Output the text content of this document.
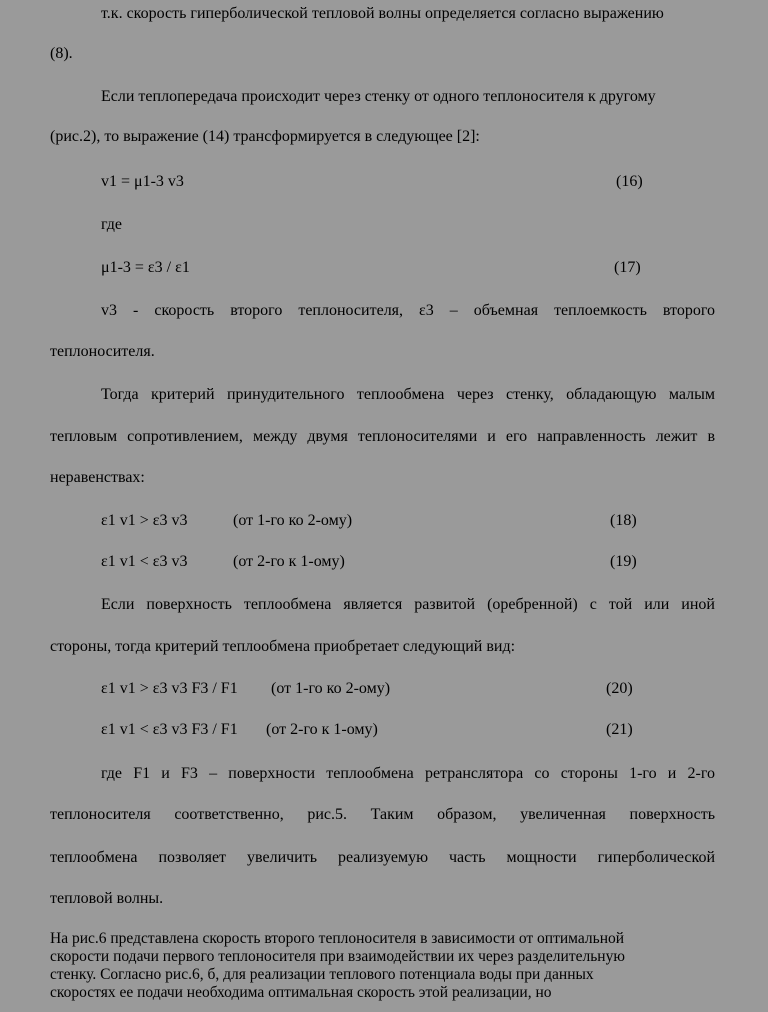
т.к. скорость гиперболической тепловой волны определяется согласно выражению
(8).
Если теплопередача происходит через стенку от одного теплоносителя к другому
(рис.2), то выражение (14) трансформируется в следующее [2]:
v1 = μ1-3 v3	(16)
где
μ1-3 = ε3 / ε1	(17)
v3 - скорость второго теплоносителя, ε3 – объемная теплоемкость второго
теплоносителя.
Тогда критерий принудительного теплообмена через стенку, обладающую малым
тепловым сопротивлением, между двумя теплоносителями и его направленность лежит в
неравенствах:
ε1 v1 > ε3 v3	(от 1-го ко 2-ому)	(18)
ε1 v1 < ε3 v3	(от 2-го к 1-ому)	(19)
Если поверхность теплообмена является развитой (оребренной) с той или иной
стороны, тогда критерий теплообмена приобретает следующий вид:
ε1 v1 > ε3 v3 F3 / F1 (от 1-го ко 2-ому)	(20)
ε1 v1 < ε3 v3 F3 / F1 (от 2-го к 1-ому)	(21)
где F1 и F3 – поверхности теплообмена ретранслятора со стороны 1-го и 2-го
теплоносителя соответственно, рис.5. Таким образом, увеличенная поверхность
теплообмена позволяет увеличить реализуемую часть мощности гиперболической
тепловой волны.
На рис.6 представлена скорость второго теплоносителя в зависимости от оптимальной
скорости подачи первого теплоносителя при взаимодействии их через разделительную
стенку. Согласно рис.6, б, для реализации теплового потенциала воды при данных
скоростях ее подачи необходима оптимальная скорость этой реализации, но
